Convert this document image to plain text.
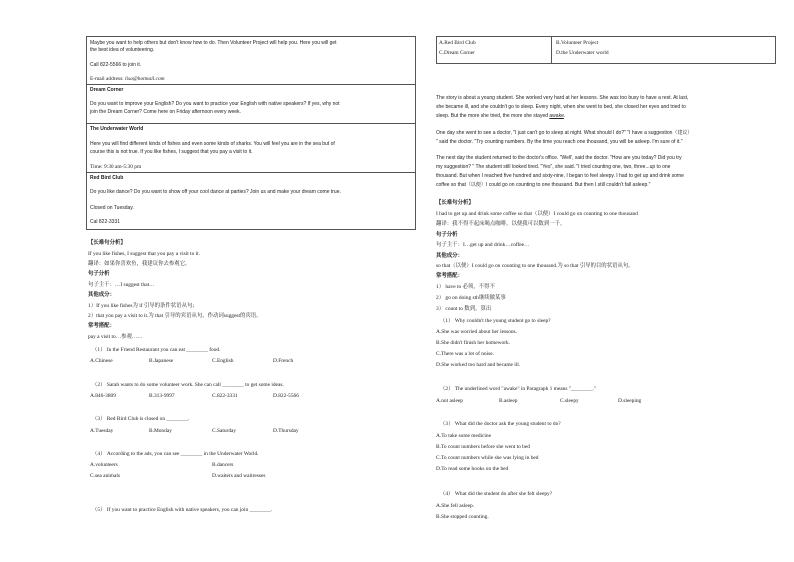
Maybe you want to help others but don't know how to do. Then Volunteer Project will help you. Here you will get
the best idea of volunteering.
Call 822-5566 to join it.
E-mail address: lisa@hotmail.com
Dream Corner
Do you want to improve your English? Do you want to practice your English with native speakers? If yes, why not
join the Dream Corner? Come here on Friday afternoon every week.
The Underwater World
Here you will find different kinds of fishes and even some kinds of sharks. You will feel you are in the sea but of
course this is not true. If you like fishes, I suggest that you pay a visit to it.
Time: 9:30 am-5:30 pm
Red Bird Club
Do you like dance? Do you want to show off your cool dance at parties? Join us and make your dream come true.
Closed on Tuesday.
Cal 822-3331
【长难句分析】
If you like fishes, I suggest that you pay a visit to it.
翻译：如果你喜欢鱼，我建议你去参观它。
句子分析
句子主干：…I suggest that…
其他成分：
1）If you like fishes为 if 引导的条件状语从句；
2）that you pay a visit to it.为 that 引导的宾语从句，作动词suggest的宾语。
常考搭配：
pay a visit to…参观……
（1） In the Friend Restaurant you can eat ________ food.
A.Chinese	B.Japanese	C.English	D.French
（2） Sarah wants to do some volunteer work. She can call ________ to get some ideas.
A.846-3809	B.313-9997	C.822-3331	D.822-5566
（3） Red Bird Club is closed on ________.
A.Tuesday	B.Monday	C.Saturday	D.Thursday
（4） According to the ads, you can see ________ in the Underwater World.
A.volunteers	B.dancers
C.sea animals	D.waiters and waitresses
（5） If you want to practice English with native speakers, you can join ________.
A.Red Bird Club	B.Volunteer Project
C.Dream Corner	D.the Underwater world
The story is about a young student. She worked very hard at her lessons. She was too busy to have a rest. At last,
she became ill, and she couldn't go to sleep. Every night, when she went to bed, she closed her eyes and tried to
sleep. But the more she tried, the more she stayed awake.
One day she went to see a doctor, "I just can't go to sleep at night. What should I do?" "I have a suggestion（建议）
" said the doctor. "Try counting numbers. By the time you reach one thousand, you will be asleep. I'm sure of it."
The next day the student returned to the doctor's office. "Well', said the doctor. "How are you today? Did you try
my suggestion? " The student still looked tired. "Yes", she said. "I tried counting one, two, three...up to one
thousand. But when I reached five hundred and sixty-nine, I began to feel sleepy. I had to get up and drink some
coffee so that（以便）I could go on counting to one thousand. But then I still couldn't fall asleep."
【长难句分析】
I had to get up and drink some coffee so that（以便）I could go on counting to one thousand
翻译：我不得不起床喝点咖啡，以便我可以数到一千。
句子分析
句子主干：I…get up and drink…coffee…
其他成分：
so that（以便）I could go on counting to one thousand.为 so that 引导的目的状语从句。
常考搭配：
1） have to 必须，不得不
2） go on doing sth继续做某事
3） count to 数到，算出
（1） Why couldn't the young student go to sleep?
A.She was worried about her lessons.
B.She didn't finish her homework.
C.There was a lot of noise.
D.She worked too hard and became ill.
（2） The underlined word "awake" in Paragraph 1 means "________."
A.not asleep	B.asleep	C.sleepy	D.sleeping
（3） What did the doctor ask the young student to do?
A.To take some medicine
B.To count numbers before she went to bed
C.To count numbers while she was lying in bed
D.To read some books on the bed
（4） What did the student do after she felt sleepy?
A.She fell asleep.
B.She stopped counting.
